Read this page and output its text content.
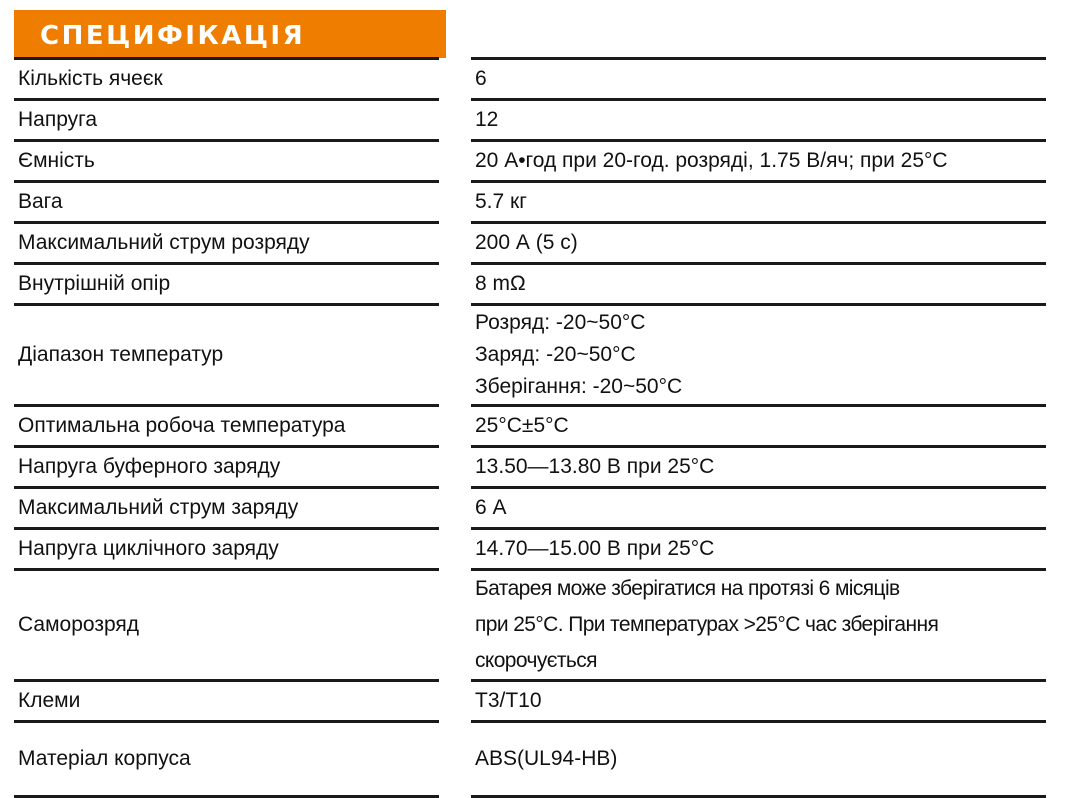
СПЕЦИФІКАЦІЯ
Кількість ячеєк		6
Напруга		12
Ємність		20 А•год при 20-год. розряді, 1.75 В/яч; при 25°С
Вага		5.7 кг
Максимальний струм розряду		200 А (5 с)
Внутрішній опір		8 mΩ
Діапазон температур		Розряд: -20~50°C
Заряд: -20~50°C
Зберігання: -20~50°C

Оптимальна робоча температура		25°C±5°C
Напруга буферного заряду		13.50—13.80 В при 25°С
Максимальний струм заряду		6 А
Напруга циклічного заряду		14.70—15.00 В при 25°С
Саморозряд		Батарея може зберігатися на протязі 6 місяців
при 25°С. При температурах >25°С час зберігання
скорочується

Клеми		T3/T10
Матеріал корпуса		ABS(UL94-HB)
